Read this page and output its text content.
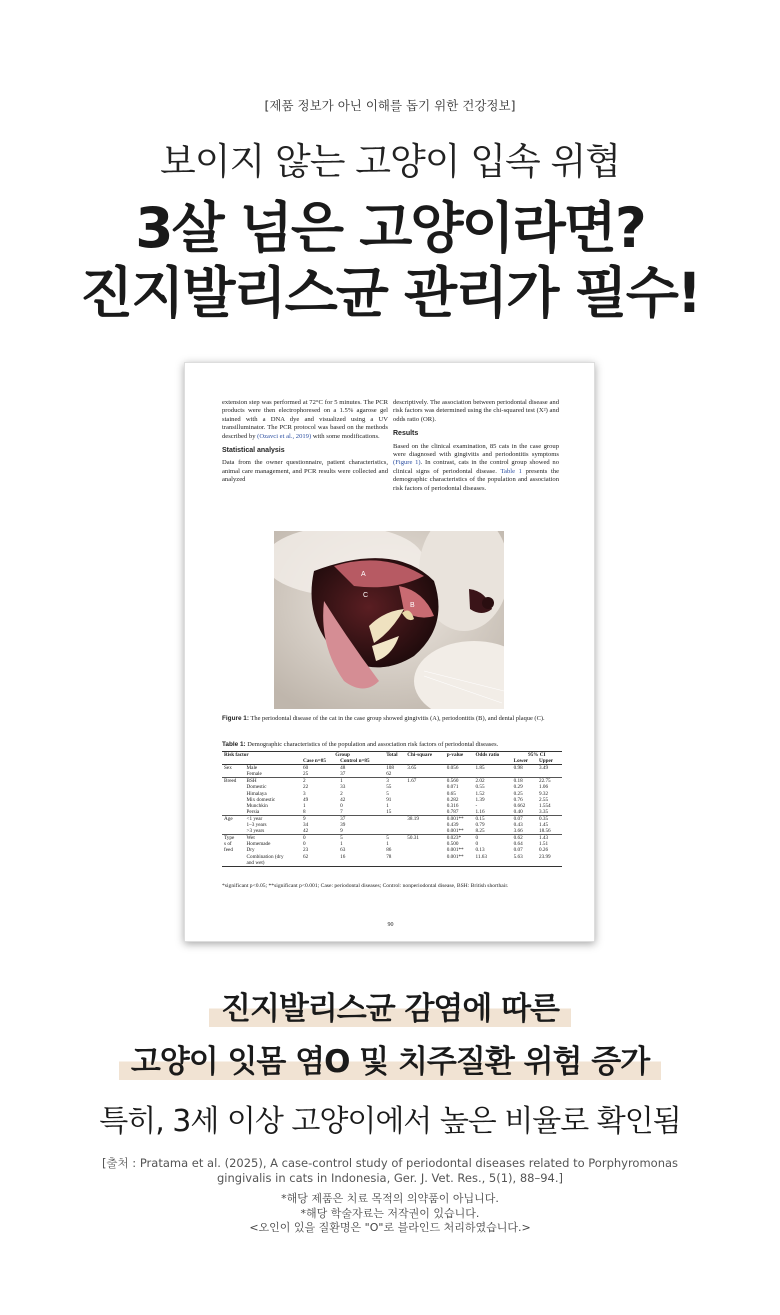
[제품 정보가 아닌 이해를 돕기 위한 건강정보]
보이지 않는 고양이 입속 위협
3살 넘은 고양이라면?
진지발리스균 관리가 필수!
extension step was performed at 72°C for 5 minutes. The PCR products were then electrophoresed on a 1.5% agarose gel stained with a DNA dye and visualized using a UV transilluminator. The PCR protocol was based on the methods described by (Ozavci et al., 2019) with some modifications.
Statistical analysis
Data from the owner questionnaire, patient characteristics, animal care management, and PCR results were collected and analyzed
descriptively. The association between periodontal disease and risk factors was determined using the chi-squared test (X²) and odds ratio (OR).
Results
Based on the clinical examination, 85 cats in the case group were diagnosed with gingivitis and periodontitis symptoms (Figure 1). In contrast, cats in the control group showed no clinical signs of periodontal disease. Table 1 presents the demographic characteristics of the population and association risk factors of periodontal diseases.
A
C
B
Figure 1: The periodontal disease of the cat in the case group showed gingivitis (A), periodontitis (B), and dental plaque (C).
Table 1: Demographic characteristics of the population and association risk factors of periodontal diseases.
Risk factor		Group		Total	Chi-square	p-value	Odds ratio	95% CI	
		Case n=85	Control n=85					Lower	Upper
Sex	Male	60	48	108	3.65	0.056	1.85	0.98	3.49
	Female	25	37	62					
Breed	BSH	2	1	3	1.67	0.560	2.02	0.18	22.75
	Domestic	22	33	55		0.071	0.55	0.29	1.06
	Himalaya	3	2	5		0.65	1.52	0.25	9.32
	Mix domestic	49	42	91		0.282	1.39	0.76	2.55
	Munchkin	1	0	1		0.316	-	0.662	1.554
	Persia	8	7	15		0.787	1.16	0.40	3.35
Age	<1 year	9	37		38.19	0.001**	0.15	0.07	0.35
	1–3 years	34	39			0.439	0.79	0.43	1.45
	>3 years	42	9			0.001**	8.25	3.66	18.56
Type	Wet	0	5	5	50.31	0.023*	0	0.62	1.43
s of	Homemade	0	1	1		0.500	0	0.64	1.51
feed	Dry	23	63	86		0.001**	0.13	0.07	0.26
	Combination (dry	62	16	78		0.001**	11.63	5.63	23.99
	and wet)								
*significant p<0.05; **significant p<0.001; Case: periodontal diseases; Control: nonperiodontal disease, BSH: British shorthair.
90
진지발리스균 감염에 따른
고양이 잇몸 염O 및 치주질환 위험 증가
특히, 3세 이상 고양이에서 높은 비율로 확인됨
[출처 : Pratama et al. (2025), A case-control study of periodontal diseases related to Porphyromonas gingivalis in cats in Indonesia, Ger. J. Vet. Res., 5(1), 88–94.]
*해당 제품은 치료 목적의 의약품이 아닙니다.
*해당 학술자료는 저작권이 있습니다.
<오인이 있을 질환명은 "O"로 블라인드 처리하였습니다.>
